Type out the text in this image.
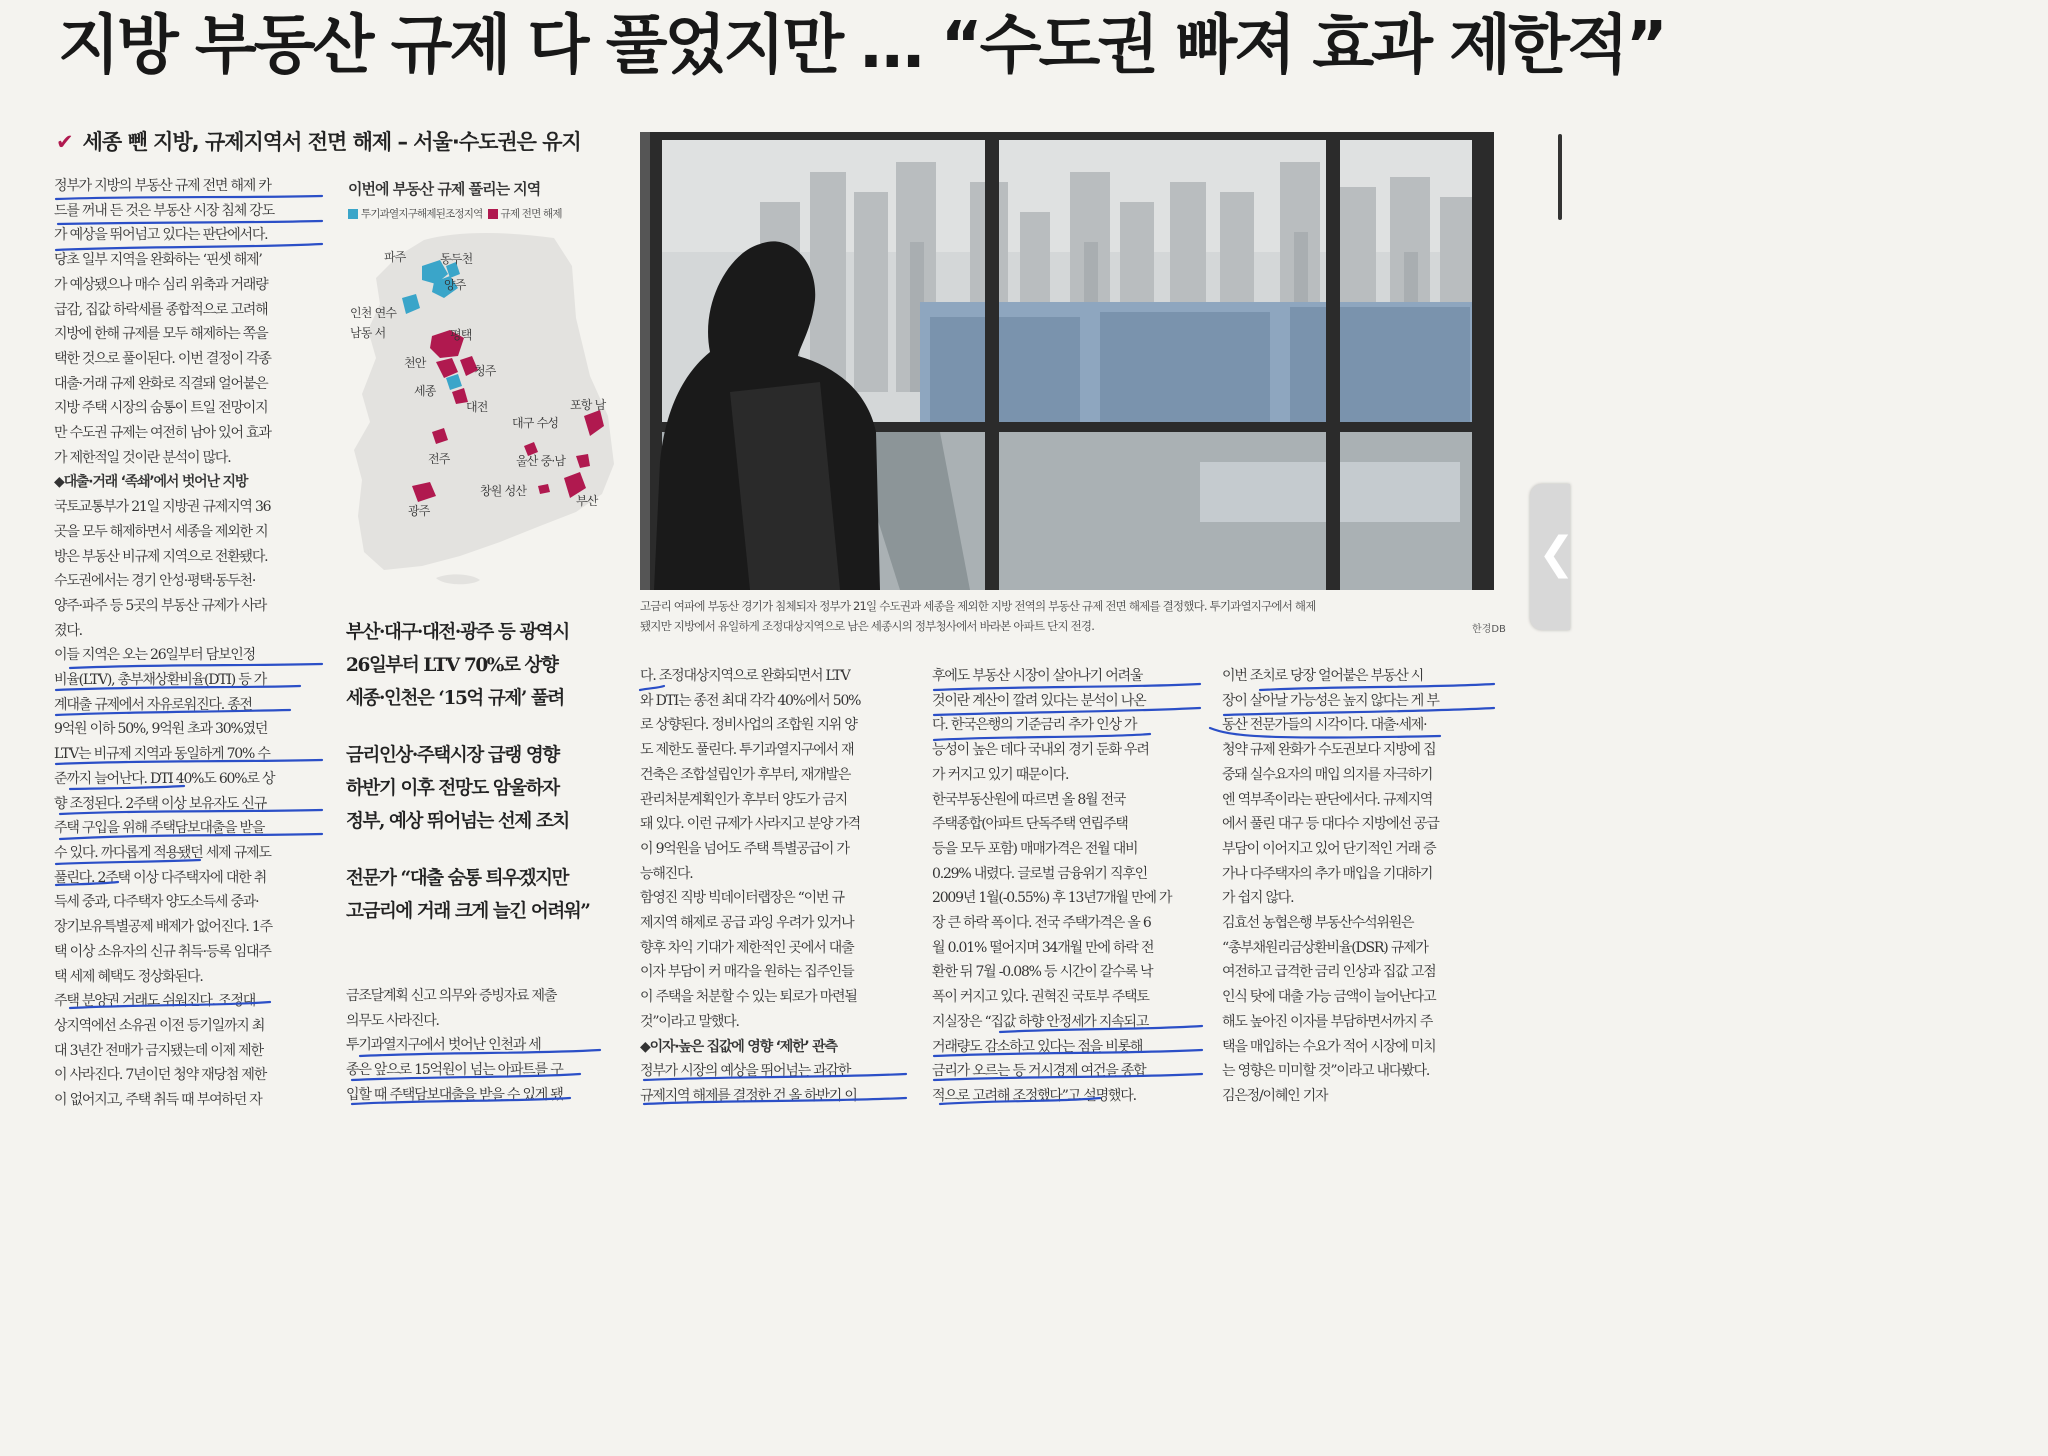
지방 부동산 규제 다 풀었지만 … “수도권 빠져 효과 제한적”
✔ 세종 뺀 지방, 규제지역서 전면 해제 – 서울·수도권은 유지

정부가 지방의 부동산 규제 전면 해제 카

드를 꺼내 든 것은 부동산 시장 침체 강도

가 예상을 뛰어넘고 있다는 판단에서다.

당초 일부 지역을 완화하는 ‘핀셋 해제’

가 예상됐으나 매수 심리 위축과 거래량

급감, 집값 하락세를 종합적으로 고려해

지방에 한해 규제를 모두 해제하는 쪽을

택한 것으로 풀이된다. 이번 결정이 각종

대출·거래 규제 완화로 직결돼 얼어붙은

지방 주택 시장의 숨통이 트일 전망이지

만 수도권 규제는 여전히 남아 있어 효과

가 제한적일 것이란 분석이 많다.

◆대출·거래 ‘족쇄’에서 벗어난 지방

국토교통부가 21일 지방권 규제지역 36

곳을 모두 해제하면서 세종을 제외한 지

방은 부동산 비규제 지역으로 전환됐다.

수도권에서는 경기 안성·평택·동두천·

양주·파주 등 5곳의 부동산 규제가 사라

졌다.

이들 지역은 오는 26일부터 담보인정

비율(LTV), 총부채상환비율(DTI) 등 가

계대출 규제에서 자유로워진다. 종전

9억원 이하 50%, 9억원 초과 30%였던

LTV는 비규제 지역과 동일하게 70% 수

준까지 늘어난다. DTI 40%도 60%로 상

향 조정된다. 2주택 이상 보유자도 신규

주택 구입을 위해 주택담보대출을 받을

수 있다. 까다롭게 적용됐던 세제 규제도

풀린다. 2주택 이상 다주택자에 대한 취

득세 중과, 다주택자 양도소득세 중과·

장기보유특별공제 배제가 없어진다. 1주

택 이상 소유자의 신규 취득·등록 임대주

택 세제 혜택도 정상화된다.

주택 분양권 거래도 쉬워진다. 조정대

상지역에선 소유권 이전 등기일까지 최

대 3년간 전매가 금지됐는데 이제 제한

이 사라진다. 7년이던 청약 재당첨 제한

이 없어지고, 주택 취득 때 부여하던 자

이번에 부동산 규제 풀리는 지역
투기과열지구해제된조정지역 규제 전면 해제
파주	동두천
양주
인천 연수
남동 서	평택
천안
청주
세종
대전	포항 남
대구 수성
전주	울산 중·남
창원 성산
부산
광주

부산·대구·대전·광주 등 광역시

26일부터 LTV 70%로 상향

세종·인천은 ‘15억 규제’ 풀려

금리인상·주택시장 급랭 영향

하반기 이후 전망도 암울하자

정부, 예상 뛰어넘는 선제 조치

전문가 “대출 숨통 틔우겠지만

고금리에 거래 크게 늘긴 어려워”

금조달계획 신고 의무와 증빙자료 제출

의무도 사라진다.

투기과열지구에서 벗어난 인천과 세

종은 앞으로 15억원이 넘는 아파트를 구

입할 때 주택담보대출을 받을 수 있게 됐

고금리 여파에 부동산 경기가 침체되자 정부가 21일 수도권과 세종을 제외한 지방 전역의 부동산 규제 전면 해제를 결정했다. 투기과열지구에서 해제

됐지만 지방에서 유일하게 조정대상지역으로 남은 세종시의 정부청사에서 바라본 아파트 단지 전경.	한경DB

다. 조정대상지역으로 완화되면서 LTV

와 DTI는 종전 최대 각각 40%에서 50%

로 상향된다. 정비사업의 조합원 지위 양

도 제한도 풀린다. 투기과열지구에서 재

건축은 조합설립인가 후부터, 재개발은

관리처분계획인가 후부터 양도가 금지

돼 있다. 이런 규제가 사라지고 분양 가격

이 9억원을 넘어도 주택 특별공급이 가

능해진다.

함영진 직방 빅데이터랩장은 “이번 규

제지역 해제로 공급 과잉 우려가 있거나

향후 차익 기대가 제한적인 곳에서 대출

이자 부담이 커 매각을 원하는 집주인들

이 주택을 처분할 수 있는 퇴로가 마련될

것”이라고 말했다.

◆이자·높은 집값에 영향 ‘제한’ 관측

정부가 시장의 예상을 뛰어넘는 과감한

규제지역 해제를 결정한 건 올 하반기 이

후에도 부동산 시장이 살아나기 어려울

것이란 계산이 깔려 있다는 분석이 나온

다. 한국은행의 기준금리 추가 인상 가

능성이 높은 데다 국내외 경기 둔화 우려

가 커지고 있기 때문이다.

한국부동산원에 따르면 올 8월 전국

주택종합(아파트 단독주택 연립주택

등을 모두 포함) 매매가격은 전월 대비

0.29% 내렸다. 글로벌 금융위기 직후인

2009년 1월(-0.55%) 후 13년7개월 만에 가

장 큰 하락 폭이다. 전국 주택가격은 올 6

월 0.01% 떨어지며 34개월 만에 하락 전

환한 뒤 7월 -0.08% 등 시간이 갈수록 낙

폭이 커지고 있다. 권혁진 국토부 주택토

지실장은 “집값 하향 안정세가 지속되고

거래량도 감소하고 있다는 점을 비롯해

금리가 오르는 등 거시경제 여건을 종합

적으로 고려해 조정했다”고 설명했다.

이번 조치로 당장 얼어붙은 부동산 시

장이 살아날 가능성은 높지 않다는 게 부

동산 전문가들의 시각이다. 대출·세제·

청약 규제 완화가 수도권보다 지방에 집

중돼 실수요자의 매입 의지를 자극하기

엔 역부족이라는 판단에서다. 규제지역

에서 풀린 대구 등 대다수 지방에선 공급

부담이 이어지고 있어 단기적인 거래 증

가나 다주택자의 추가 매입을 기대하기

가 쉽지 않다.

김효선 농협은행 부동산수석위원은

“총부채원리금상환비율(DSR) 규제가

여전하고 급격한 금리 인상과 집값 고점

인식 탓에 대출 가능 금액이 늘어난다고

해도 높아진 이자를 부담하면서까지 주

택을 매입하는 수요가 적어 시장에 미치

는 영향은 미미할 것”이라고 내다봤다.

김은정/이혜인 기자

❮
